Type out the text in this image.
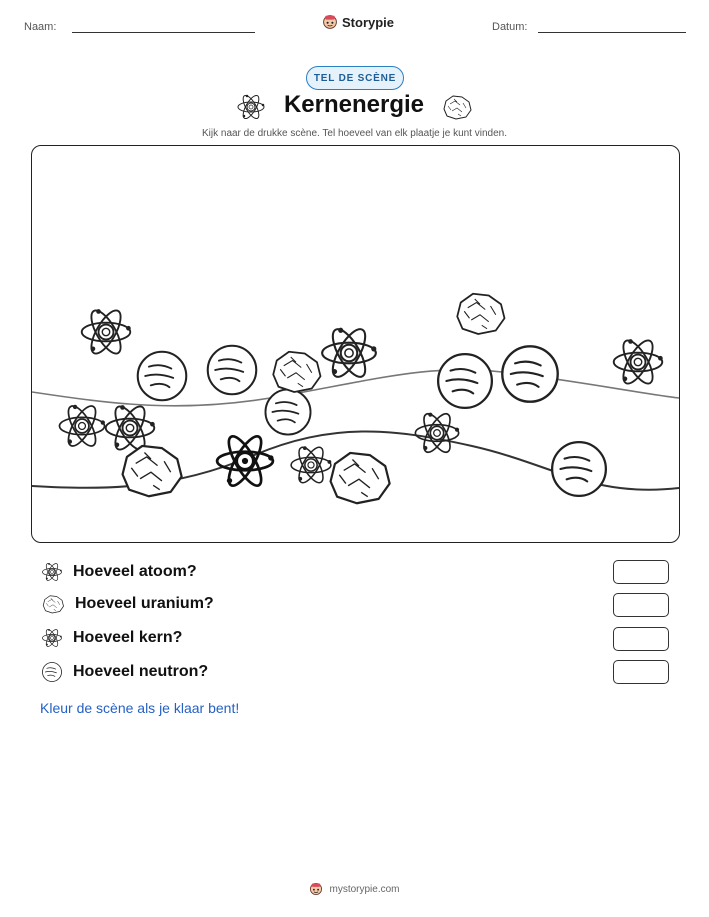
Naam:	Storypie	Datum:
TEL DE SCÈNE
Kernenergie
Kijk naar de drukke scène. Tel hoeveel van elk plaatje je kunt vinden.
Hoeveel atoom?
Hoeveel uranium?
Hoeveel kern?
Hoeveel neutron?
Kleur de scène als je klaar bent!
mystorypie.com
